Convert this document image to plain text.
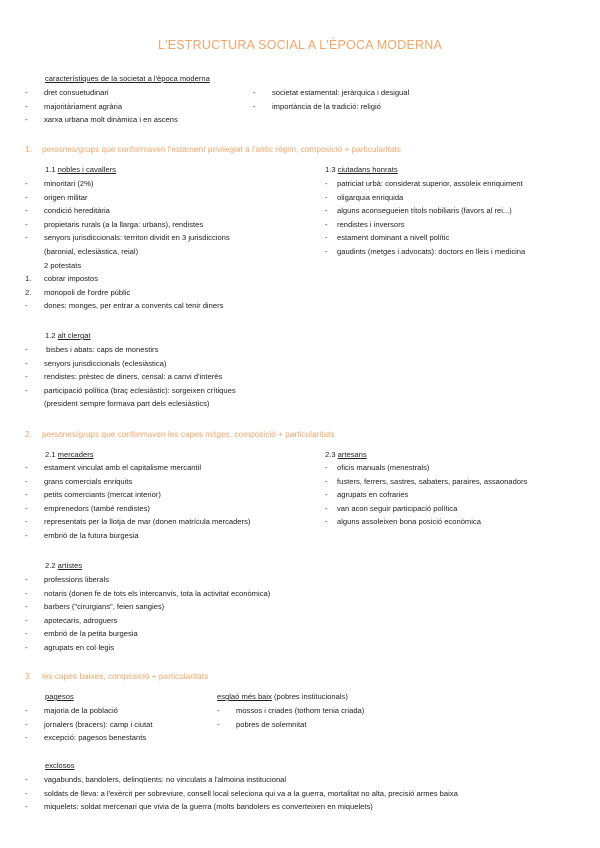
L'ESTRUCTURA SOCIAL A L'ÈPOCA MODERNA
característiques de la societat a l'època moderna
- dret consuetudinari
- majoritàriament agrària
- xarxa urbana molt dinàmica i en ascens
- societat estamental: jeràrquica i desigual
- importància de la tradició: religió
1. persones/grups que conformaven l'estament privilegiat a l'antic règim, composició + particularitats
1.1 nobles i cavallers
- minoritari (2%)
- origen militar
- condició hereditària
- propietaris rurals (a la llarga: urbans), rendistes
- senyors jurisdiccionals: territori dividit en 3 jurisdiccions
(baronial, eclesiàstica, reial)
2 potestats
1. cobrar impostos
2. monopoli de l'ordre públic
- dones: monges, per entrar a convents cal tenir diners
1.3 ciutadans honrats
- patriciat urbà: considerat superior, assoleix enriquiment
- oligarquia enriquida
- alguns aconsegueien títols nobiliaris (favors al rei...)
- rendistes i inversors
- estament dominant a nivell polític
- gaudints (metges i advocats): doctors en lleis i medicina
1.2 alt clergat
- bisbes i abats: caps de monestirs
- senyors jurisdiccionals (eclesiàstica)
- rendistes: prèstec de diners, censal: a canvi d'interès
- participació política (braç eclesiàstic): sorgeixen crítiques
(president sempre formava part dels eclesiàstics)
2. persones/grups que conformaven les capes mitges, composició + particularitats
2.1 mercaders
- estament vinculat amb el capitalisme mercantil
- grans comercials enriquits
- petits comerciants (mercat interior)
- emprenedors (també rendistes)
- representats per la llotja de mar (donen matrícula mercaders)
- embrió de la futura burgesia
2.3 artesans
- oficis manuals (menestrals)
- fusters, ferrers, sastres, sabaters, paraires, assaonadors
- agrupats en cofraries
- van acon seguir participació política
- alguns assoleixen bona posició econòmica
2.2 artistes
- professions liberals
- notaris (donen fe de tots els intercanvis, tota la activitat econòmica)
- barbers ("cirurgians", feien sangies)
- apotecaris, adroguers
- embrió de la petita burgesia
- agrupats en col·legis
3. les capes baixes, composició + particularitats
pagesos
- majoria de la població
- jornalers (bracers): camp i ciutat
- excepció: pagesos benestants
esglaó més baix (pobres institucionals)
- mossos i criades (tothom tenia criada)
- pobres de solemnitat
exclosos
- vagabunds, bandolers, delinqüents: no vinculats a l'almoina institucional
- soldats de lleva: a l'exèrcit per sobreviure, consell local seleciona qui va a la guerra, mortalitat no alta, precisió armes baixa
- miquelets: soldat mercenari que vivia de la guerra (molts bandolers es converteixen en miquelets)
